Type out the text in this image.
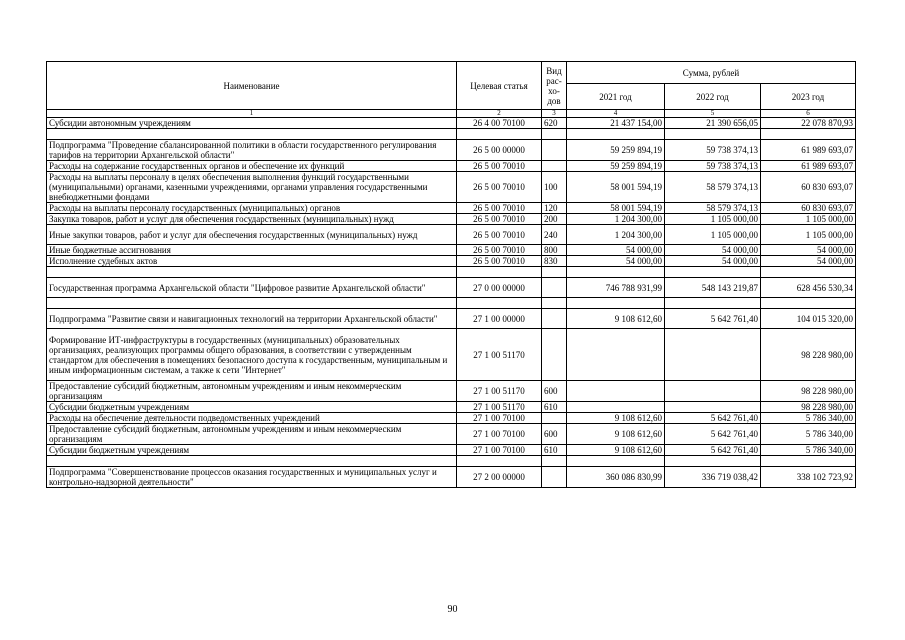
Наименование	Целевая статья	Вид рас-хо-дов	Сумма, рублей		
			2021 год	2022 год	2023 год
1	2	3	4	5	6
Субсидии автономным учреждениям	26 4 00 70100	620	21 437 154,00	21 390 656,05	22 078 870,93

Подпрограмма "Проведение сбалансированной политики в области государственного регулирования тарифов на территории Архангельской области"	26 5 00 00000		59 259 894,19	59 738 374,13	61 989 693,07
Расходы на содержание государственных органов и обеспечение их функций	26 5 00 70010		59 259 894,19	59 738 374,13	61 989 693,07
Расходы на выплаты персоналу в целях обеспечения выполнения функций государственными (муниципальными) органами, казенными учреждениями, органами управления государственными внебюджетными фондами	26 5 00 70010	100	58 001 594,19	58 579 374,13	60 830 693,07
Расходы на выплаты персоналу государственных (муниципальных) органов	26 5 00 70010	120	58 001 594,19	58 579 374,13	60 830 693,07
Закупка товаров, работ и услуг для обеспечения государственных (муниципальных) нужд	26 5 00 70010	200	1 204 300,00	1 105 000,00	1 105 000,00
Иные закупки товаров, работ и услуг для обеспечения государственных (муниципальных) нужд	26 5 00 70010	240	1 204 300,00	1 105 000,00	1 105 000,00
Иные бюджетные ассигнования	26 5 00 70010	800	54 000,00	54 000,00	54 000,00
Исполнение судебных актов	26 5 00 70010	830	54 000,00	54 000,00	54 000,00

Государственная программа Архангельской области "Цифровое развитие Архангельской области"	27 0 00 00000		746 788 931,99	548 143 219,87	628 456 530,34

Подпрограмма "Развитие связи и навигационных технологий на территории Архангельской области"	27 1 00 00000		9 108 612,60	5 642 761,40	104 015 320,00
Формирование ИТ-инфраструктуры в государственных (муниципальных) образовательных организациях, реализующих программы общего образования, в соответствии с утвержденным стандартом для обеспечения в помещениях безопасного доступа к государственным, муниципальным и иным информационным системам, а также к сети "Интернет"	27 1 00 51170				98 228 980,00
Предоставление субсидий бюджетным, автономным учреждениям и иным некоммерческим организациям	27 1 00 51170	600			98 228 980,00
Субсидии бюджетным учреждениям	27 1 00 51170	610			98 228 980,00
Расходы на обеспечение деятельности подведомственных учреждений	27 1 00 70100		9 108 612,60	5 642 761,40	5 786 340,00
Предоставление субсидий бюджетным, автономным учреждениям и иным некоммерческим организациям	27 1 00 70100	600	9 108 612,60	5 642 761,40	5 786 340,00
Субсидии бюджетным учреждениям	27 1 00 70100	610	9 108 612,60	5 642 761,40	5 786 340,00

Подпрограмма "Совершенствование процессов оказания государственных и муниципальных услуг и контрольно-надзорной деятельности"	27 2 00 00000		360 086 830,99	336 719 038,42	338 102 723,92
90
